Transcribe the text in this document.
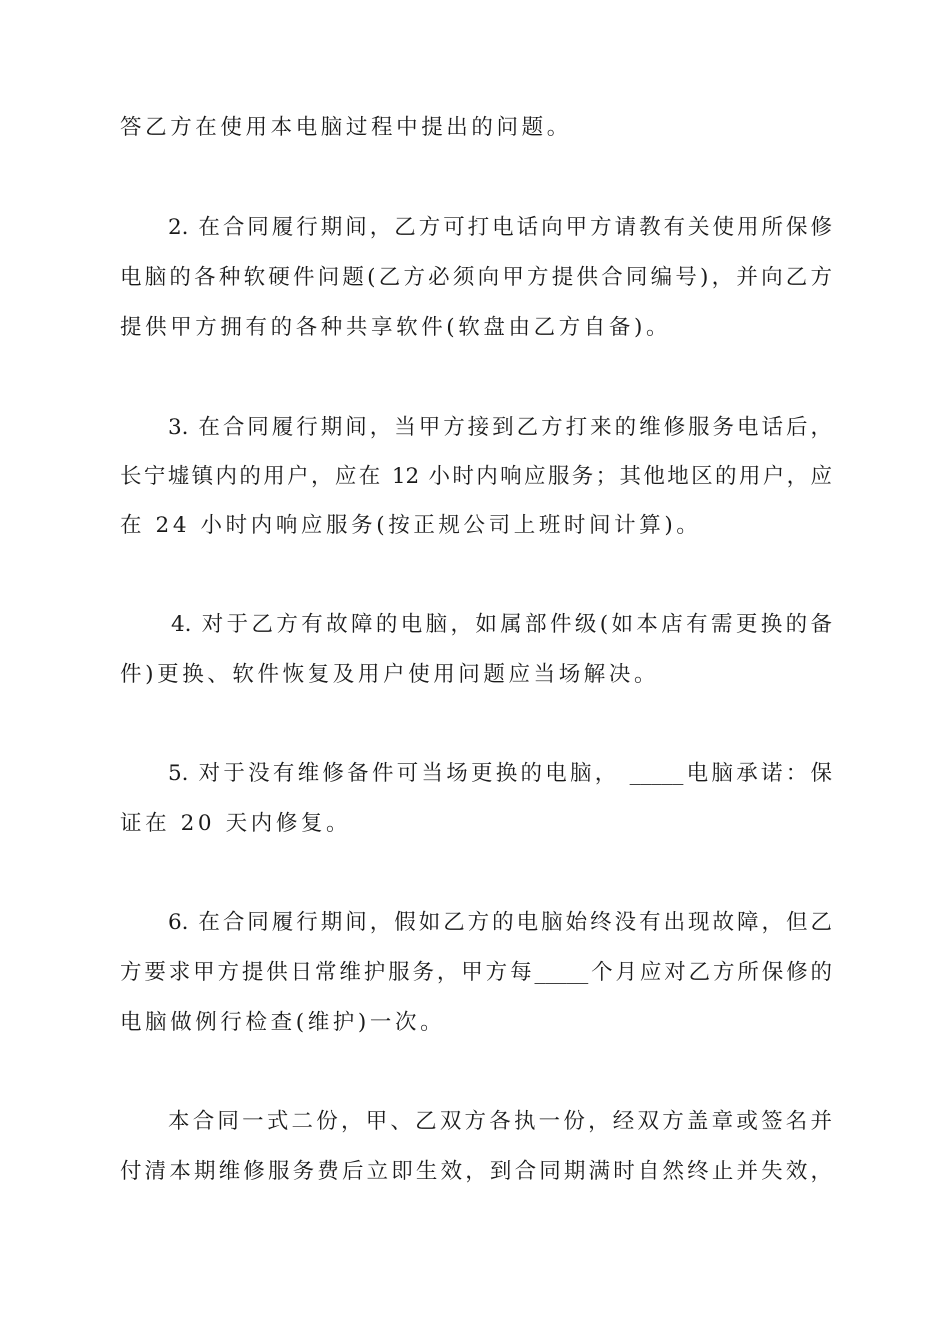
答乙方在使用本电脑过程中提出的问题。
2. 在合同履行期间，乙方可打电话向甲方请教有关使用所保修
电脑的各种软硬件问题(乙方必须向甲方提供合同编号)，并向乙方
提供甲方拥有的各种共享软件(软盘由乙方自备)。
3. 在合同履行期间，当甲方接到乙方打来的维修服务电话后，
长宁墟镇内的用户，应在 12 小时内响应服务；其他地区的用户，应
在 24 小时内响应服务(按正规公司上班时间计算)。
4. 对于乙方有故障的电脑，如属部件级(如本店有需更换的备
件)更换、软件恢复及用户使用问题应当场解决。
5. 对于没有维修备件可当场更换的电脑， _____电脑承诺：保
证在 20 天内修复。
6. 在合同履行期间，假如乙方的电脑始终没有出现故障，但乙
方要求甲方提供日常维护服务，甲方每_____个月应对乙方所保修的
电脑做例行检查(维护)一次。
本合同一式二份，甲、乙双方各执一份，经双方盖章或签名并
付清本期维修服务费后立即生效，到合同期满时自然终止并失效，
